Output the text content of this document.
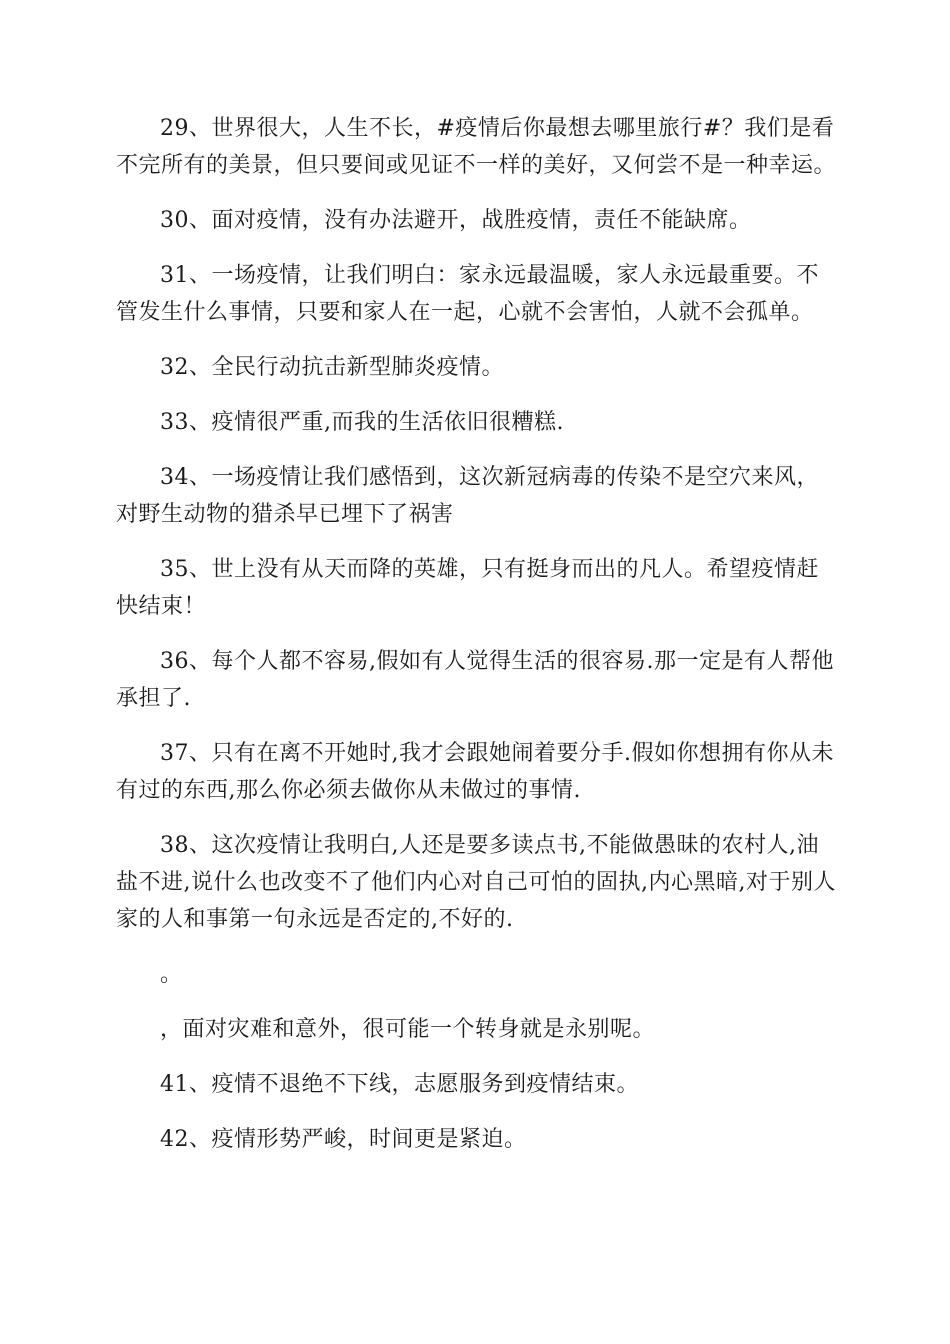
29、世界很大，人生不长，#疫情后你最想去哪里旅行#？我们是看不完所有的美景，但只要间或见证不一样的美好，又何尝不是一种幸运。

30、面对疫情，没有办法避开，战胜疫情，责任不能缺席。

31、一场疫情，让我们明白：家永远最温暖，家人永远最重要。不管发生什么事情，只要和家人在一起，心就不会害怕，人就不会孤单。

32、全民行动抗击新型肺炎疫情。

33、疫情很严重,而我的生活依旧很糟糕.

34、一场疫情让我们感悟到，这次新冠病毒的传染不是空穴来风，对野生动物的猎杀早已埋下了祸害

35、世上没有从天而降的英雄，只有挺身而出的凡人。希望疫情赶快结束！

36、每个人都不容易,假如有人觉得生活的很容易.那一定是有人帮他承担了.

37、只有在离不开她时,我才会跟她闹着要分手.假如你想拥有你从未有过的东西,那么你必须去做你从未做过的事情.

38、这次疫情让我明白,人还是要多读点书,不能做愚昧的农村人,油盐不进,说什么也改变不了他们内心对自己可怕的固执,内心黑暗,对于别人家的人和事第一句永远是否定的,不好的.

。

，面对灾难和意外，很可能一个转身就是永别呢。

41、疫情不退绝不下线，志愿服务到疫情结束。

42、疫情形势严峻，时间更是紧迫。
